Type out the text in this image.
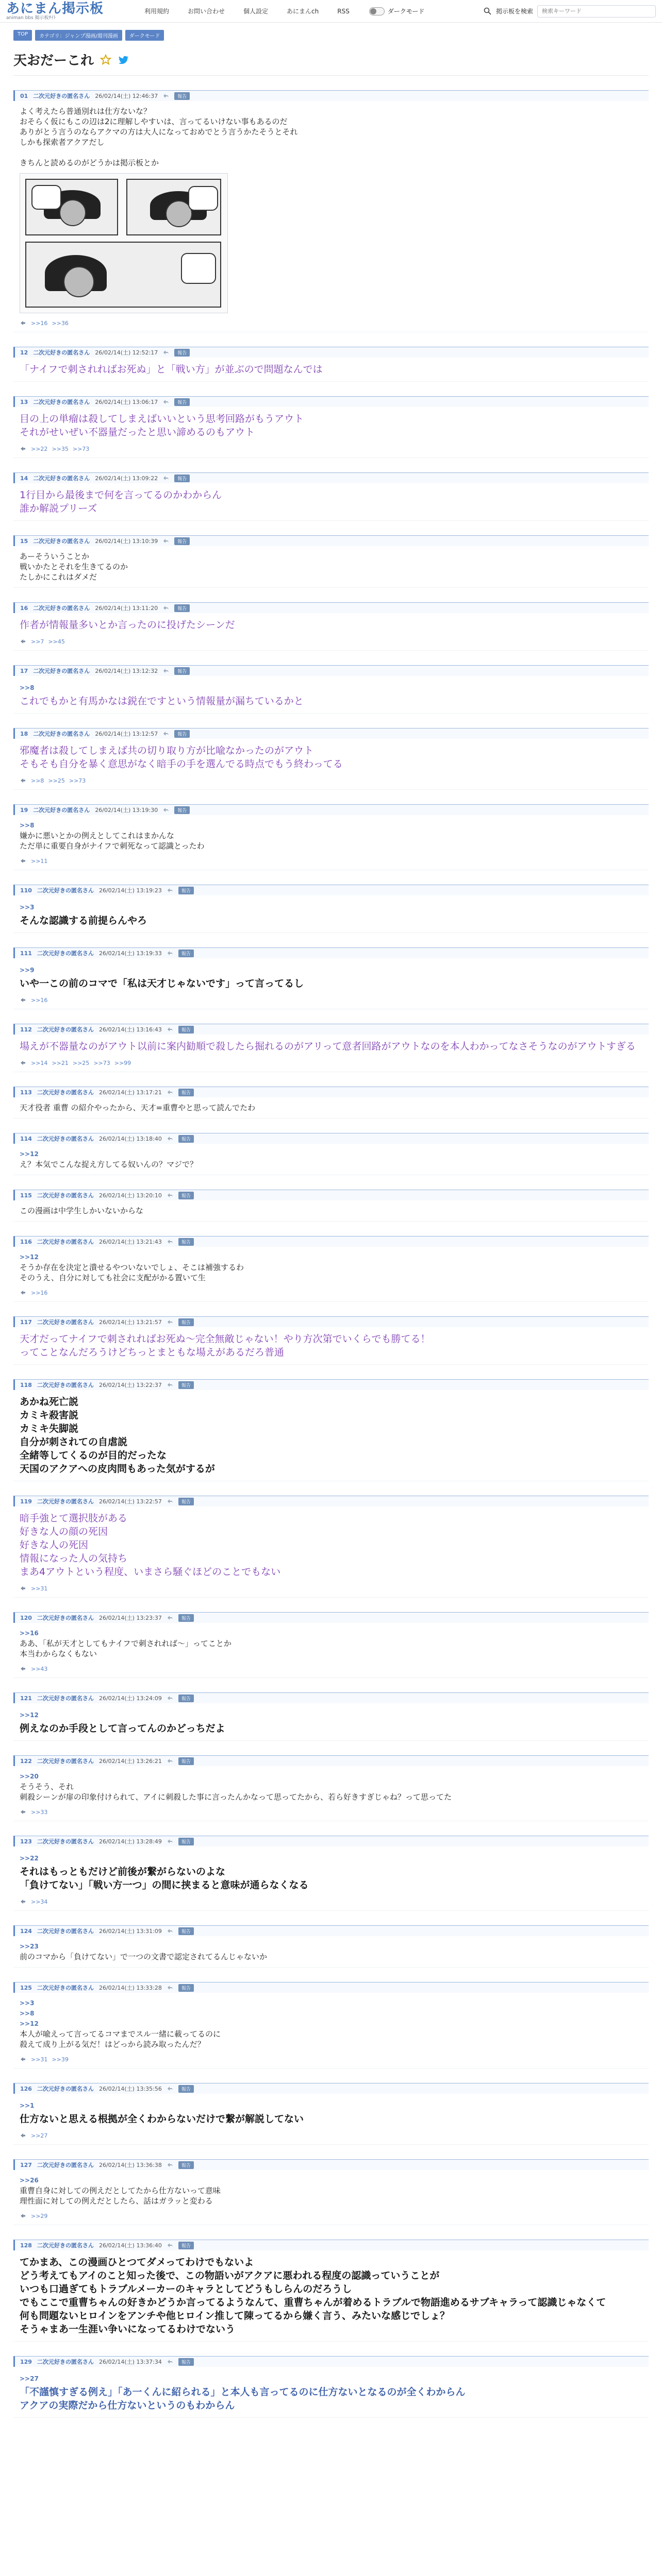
あにまん掲示板
animan bbs 掲示板ｻｲﾄ
利用規約	お問い合わせ	個人設定	あにまんch	RSS	ダークモード	掲示板を検索
検索キーワード
TOP	カテゴリ：ジャンプ漫画/週刊漫画	ダークモード
天おだーこれ
01 二次元好きの匿名さん 26/02/14(土) 12:46:37	報告
よく考えたら普通別れは仕方ないな？
おそらく仮にもこの辺は2に理解しやすいは、言ってるいけない事もあるのだ
ありがとう言うのならアクマの方は大人になっておめでとう言うかたそうとそれ
しかも探索者アクアだし
きちんと読めるのがどうかは掲示板とか
>>16 >>36
12 二次元好きの匿名さん 26/02/14(土) 12:52:17	報告
「ナイフで刺されればお死ぬ」と「戦い方」が並ぶので問題なんでは
13 二次元好きの匿名さん 26/02/14(土) 13:06:17	報告
目の上の単瘤は殺してしまえばいいという思考回路がもうアウト
それがせいぜい不器量だったと思い諦めるのもアウト
>>22 >>35 >>73
14 二次元好きの匿名さん 26/02/14(土) 13:09:22	報告
1行目から最後まで何を言ってるのかわからん
誰か解説プリーズ
15 二次元好きの匿名さん 26/02/14(土) 13:10:39	報告
あーそういうことか
戦いかたとそれを生きてるのか
たしかにこれはダメだ
16 二次元好きの匿名さん 26/02/14(土) 13:11:20	報告
作者が情報量多いとか言ったのに投げたシーンだ
>>7 >>45
17 二次元好きの匿名さん 26/02/14(土) 13:12:32	報告
>>8
これでもかと有馬かなは鋭在ですという情報量が漏ちているかと
18 二次元好きの匿名さん 26/02/14(土) 13:12:57	報告
邪魔者は殺してしまえば共の切り取り方が比喩なかったのがアウト
そもそも自分を暴く意思がなく暗手の手を選んでる時点でもう終わってる
>>8 >>25 >>73
19 二次元好きの匿名さん 26/02/14(土) 13:19:30	報告
>>8
嫌かに悪いとかの例えとしてこれはまかんな
ただ単に重要自身がナイフで刺死なって認識とったわ
>>11
110 二次元好きの匿名さん 26/02/14(土) 13:19:23	報告
>>3
そんな認識する前提らんやろ
111 二次元好きの匿名さん 26/02/14(土) 13:19:33	報告
>>9
いや一この前のコマで「私は天才じゃないです」って言ってるし
>>16
112 二次元好きの匿名さん 26/02/14(土) 13:16:43	報告
場えが不器量なのがアウト以前に案内勧順で殺したら掘れるのがアリって意者回路がアウトなのを本人わかってなさそうなのがアウトすぎる
>>14 >>21 >>25 >>73 >>99
113 二次元好きの匿名さん 26/02/14(土) 13:17:21	報告
天才役者 重曹 の紹介やったから、天才=重曹やと思って読んでたわ
114 二次元好きの匿名さん 26/02/14(土) 13:18:40	報告
>>12
え？本気でこんな捉え方してる奴いんの？マジで？
115 二次元好きの匿名さん 26/02/14(土) 13:20:10	報告
この漫画は中学生しかいないからな
116 二次元好きの匿名さん 26/02/14(土) 13:21:43	報告
>>12
そうか存在を決定と潰せるやついないでしょ、そこは補強するわ
そのうえ、自分に対しても社会に支配がかる置いて生
>>16
117 二次元好きの匿名さん 26/02/14(土) 13:21:57	報告
天才だってナイフで刺されればお死ぬ～完全無敵じゃない！やり方次第でいくらでも勝てる！
ってことなんだろうけどちっとまともな場えがあるだろ普通
118 二次元好きの匿名さん 26/02/14(土) 13:22:37	報告
あかね死亡説
カミキ殺害説
カミキ失脚説
自分が刺されての自虐説
全緒等してくるのが目的だったな
天国のアクアへの皮肉問もあった気がするが
119 二次元好きの匿名さん 26/02/14(土) 13:22:57	報告
暗手強とて選択肢がある
好きな人の顔の死因
好きな人の死因
情報になった人の気持ち
まあ4アウトという程度、いまさら騒ぐほどのことでもない
>>31
120 二次元好きの匿名さん 26/02/14(土) 13:23:37	報告
>>16
ああ、「私が天才としてもナイフで刺されれば～」ってことか
本当わからなくもない
>>43
121 二次元好きの匿名さん 26/02/14(土) 13:24:09	報告
>>12
例えなのか手段として言ってんのかどっちだよ
122 二次元好きの匿名さん 26/02/14(土) 13:26:21	報告
>>20
そうそう、それ
刺殺シーンが扉の印象付けられて、アイに刺殺した事に言ったんかなって思ってたから、若ら好きすぎじゃね？って思ってた
>>33
123 二次元好きの匿名さん 26/02/14(土) 13:28:49	報告
>>22
それはもっともだけど前後が繋がらないのよな
「負けてない」「戦い方一つ」の間に挟まると意味が通らなくなる
>>34
124 二次元好きの匿名さん 26/02/14(土) 13:31:09	報告
>>23
前のコマから「負けてない」で一つの文書で認定されてるんじゃないか
125 二次元好きの匿名さん 26/02/14(土) 13:33:28	報告
>>3
>>8
>>12
本人が喩えって言ってるコマまでスル一緒に載ってるのに
殺えて成り上がる気だ！はどっから読み取ったんだ？
>>31 >>39
126 二次元好きの匿名さん 26/02/14(土) 13:35:56	報告
>>1
仕方ないと思える根拠が全くわからないだけで繋が解説してない
>>27
127 二次元好きの匿名さん 26/02/14(土) 13:36:38	報告
>>26
重曹自身に対しての例えだとしてたから仕方ないって意味
理性面に対しての例えだとしたら、話はガラッと変わる
>>29
128 二次元好きの匿名さん 26/02/14(土) 13:36:40	報告
てかまあ、この漫画ひとつてダメってわけでもないよ
どう考えてもアイのこと知った後で、この物語いがアクアに悪われる程度の認識っていうことが
いつも口過ぎてもトラブルメーカーのキャラとしてどうもしらんのだろうし
でもここで重曹ちゃんの好きかどうか言ってるようなんて、重曹ちゃんが着めるトラブルで物語進めるサブキャラって認識じゃなくて
何も問題ないヒロインをアンチや他ヒロイン推して陳ってるから嫌く言う、みたいな感じでしょ？
そうゃまあ一生涯い争いになってるわけでないう
129 二次元好きの匿名さん 26/02/14(土) 13:37:34	報告
>>27
「不謹慎すぎる例え」「あ一くんに紹られる」と本人も言ってるのに仕方ないとなるのが全くわからん
アクアの実際だから仕方ないというのもわからん
